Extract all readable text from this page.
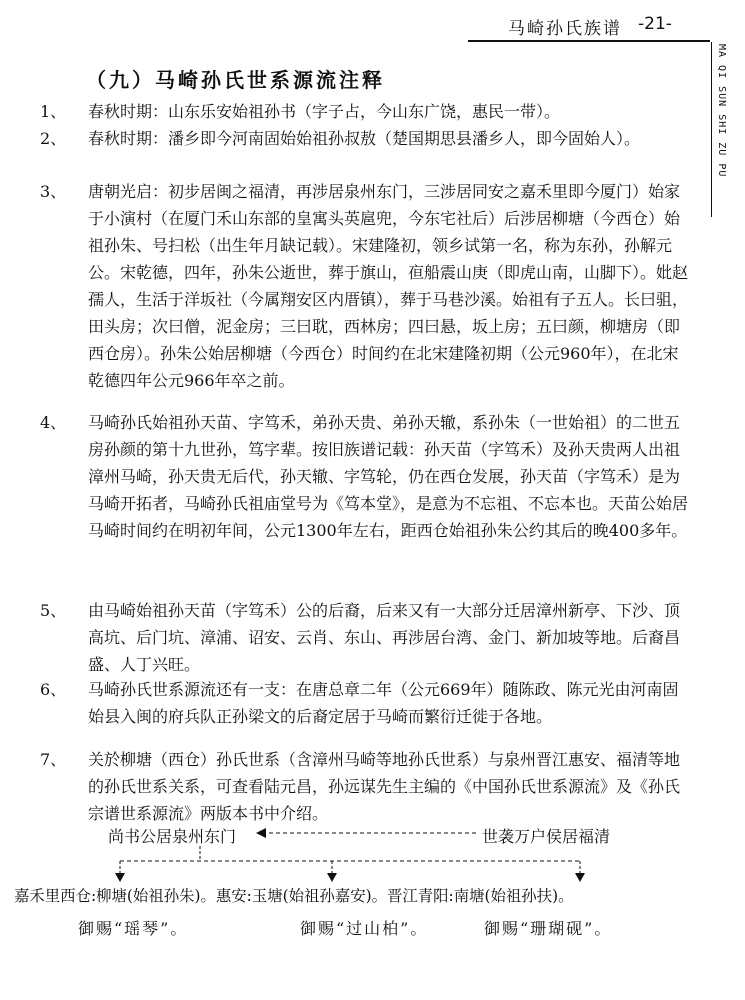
马崎孙氏族谱 -21-
MA QI SUN SHI ZU PU
（九）马崎孙氏世系源流注释
1、	春秋时期：山东乐安始祖孙书（字子占，今山东广饶，惠民一带）。
2、	春秋时期：潘乡即今河南固始始祖孙叔敖（楚国期思县潘乡人，即今固始人）。
3、	唐朝光启：初步居闽之福清，再涉居泉州东门，三涉居同安之嘉禾里即今厦门）始家于小演村（在厦门禾山东部的皇寓头英扈兜，今东宅社后）后涉居柳塘（今西仓）始祖孙朱、号扫松（出生年月缺记载）。宋建隆初，领乡试第一名，称为东孙，孙解元公。宋乾德，四年，孙朱公逝世，葬于旗山，亱船震山庚（即虎山南，山脚下）。妣赵孺人，生活于洋坂社（今属翔安区内厝镇），葬于马巷沙溪。始祖有子五人。长曰驵，田头房；次曰僧，泥金房；三曰耽，西林房；四曰悬，坂上房；五曰颜，柳塘房（即西仓房）。孙朱公始居柳塘（今西仓）时间约在北宋建隆初期（公元960年），在北宋乾德四年公元966年卒之前。
4、	马崎孙氏始祖孙天苗、字笃禾，弟孙天贵、弟孙天辙，系孙朱（一世始祖）的二世五房孙颜的第十九世孙，笃字辈。按旧族谱记载：孙天苗（字笃禾）及孙天贵两人出祖漳州马崎，孙天贵无后代，孙天辙、字笃轮，仍在西仓发展，孙天苗（字笃禾）是为马崎开拓者，马崎孙氏祖庙堂号为《笃本堂》，是意为不忘祖、不忘本也。天苗公始居马崎时间约在明初年间，公元1300年左右，距西仓始祖孙朱公约其后的晚400多年。
5、	由马崎始祖孙天苗（字笃禾）公的后裔，后来又有一大部分迁居漳州新亭、下沙、顶高坑、后门坑、漳浦、诏安、云肖、东山、再涉居台湾、金门、新加坡等地。后裔昌盛、人丁兴旺。
6、	马崎孙氏世系源流还有一支：在唐总章二年（公元669年）随陈政、陈元光由河南固始县入闽的府兵队正孙梁文的后裔定居于马崎而繁衍迁徙于各地。
7、	关於柳塘（西仓）孙氏世系（含漳州马崎等地孙氏世系）与泉州晋江惠安、福清等地的孙氏世系关系，可查看陆元昌，孙远谋先生主编的《中国孙氏世系源流》及《孙氏宗谱世系源流》两版本书中介绍。
尚书公居泉州东门	世袭万户侯居福清
嘉禾里西仓:柳塘(始祖孙朱)。惠安:玉塘(始祖孙嘉安)。晋江青阳:南塘(始祖孙扶)。
御赐“瑶琴”。	御赐“过山柏”。	御赐“珊瑚砚”。
